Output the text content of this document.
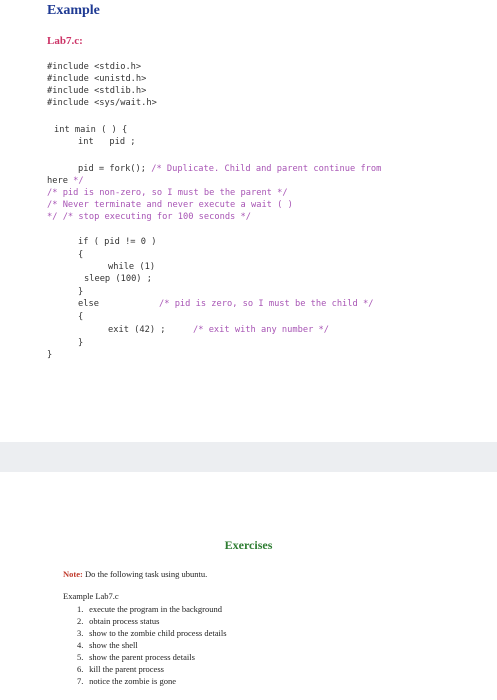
Example
Lab7.c:
#include <stdio.h>
#include <unistd.h>
#include <stdlib.h>
#include <sys/wait.h>
int main ( ) {
int   pid ;
pid = fork(); /* Duplicate. Child and parent continue from
here */
/* pid is non-zero, so I must be the parent */
/* Never terminate and never execute a wait ( )
*/ /* stop executing for 100 seconds */
if ( pid != 0 )
{
while (1)
sleep (100) ;
}
else	/* pid is zero, so I must be the child */
{
exit (42) ;	/* exit with any number */
}
}
Exercises
Note: Do the following task using ubuntu.
Example Lab7.c
1. execute the program in the background
2. obtain process status
3. show to the zombie child process details
4. show the shell
5. show the parent process details
6. kill the parent process
7. notice the zombie is gone
